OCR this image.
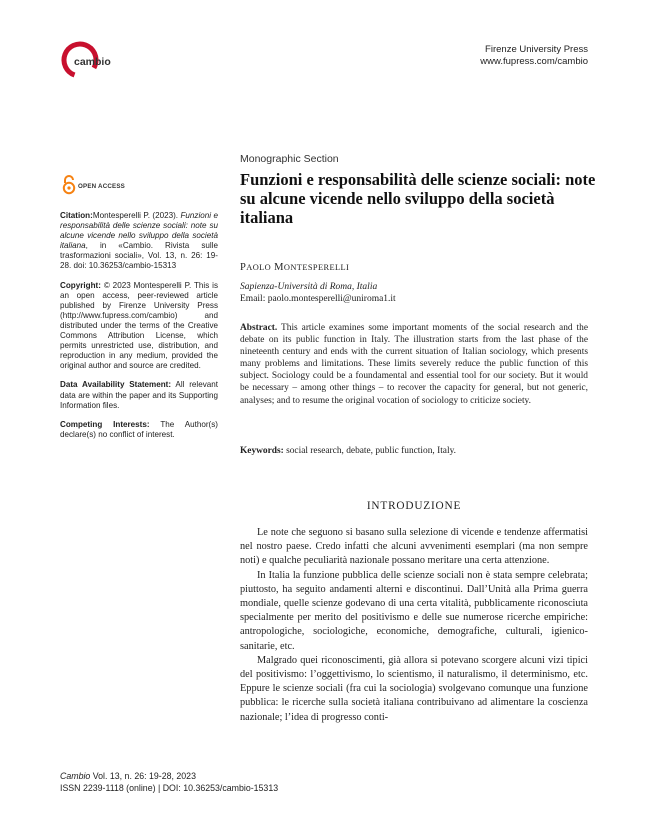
cambio
Firenze University Press
www.fupress.com/cambio
Monographic Section
Funzioni e responsabilità delle scienze sociali: note su alcune vicende nello sviluppo della società italiana
OPEN ACCESS

Citation:Montesperelli P. (2023). Funzioni e responsabilità delle scienze sociali: note su alcune vicende nello sviluppo della società italiana, in «Cambio. Rivista sulle trasformazioni sociali», Vol. 13, n. 26: 19-28. doi: 10.36253/cambio-15313

Copyright: © 2023 Montesperelli P. This is an open access, peer-reviewed article published by Firenze University Press (http://www.fupress.com/cambio) and distributed under the terms of the Creative Commons Attribution License, which permits unrestricted use, distribution, and reproduction in any medium, provided the original author and source are credited.

Data Availability Statement: All relevant data are within the paper and its Supporting Information files.

Competing Interests: The Author(s) declare(s) no conflict of interest.

PAOLO MONTESPERELLI
Sapienza-Università di Roma, Italia
Email: paolo.montesperelli@uniroma1.it

Abstract. This article examines some important moments of the social research and the debate on its public function in Italy. The illustration starts from the last phase of the nineteenth century and ends with the current situation of Italian sociology, which presents many problems and limitations. These limits severely reduce the public function of this subject. Sociology could be a foundamental and essential tool for our society. But it would be necessary – among other things – to recover the capacity for general, but not generic, analyses; and to resume the original vocation of sociology to criticize society.

Keywords: social research, debate, public function, Italy.

INTRODUZIONE

Le note che seguono si basano sulla selezione di vicende e tendenze affermatisi nel nostro paese. Credo infatti che alcuni avvenimenti esemplari (ma non sempre noti) e qualche peculiarità nazionale possano meritare una certa attenzione.

In Italia la funzione pubblica delle scienze sociali non è stata sempre celebrata; piuttosto, ha seguito andamenti alterni e discontinui. Dall’Unità alla Prima guerra mondiale, quelle scienze godevano di una certa vitalità, pubblicamente riconosciuta specialmente per merito del positivismo e delle sue numerose ricerche empiriche: antropologiche, sociologiche, economiche, demografiche, culturali, igienico-sanitarie, etc.

Malgrado quei riconoscimenti, già allora si potevano scorgere alcuni vizi tipici del positivismo: l’oggettivismo, lo scientismo, il naturalismo, il determinismo, etc. Eppure le scienze sociali (fra cui la sociologia) svolgevano comunque una funzione pubblica: le ricerche sulla società italiana contribuivano ad alimentare la coscienza nazionale; l’idea di progresso conti-

Cambio Vol. 13, n. 26: 19-28, 2023
ISSN 2239-1118 (online) | DOI: 10.36253/cambio-15313
